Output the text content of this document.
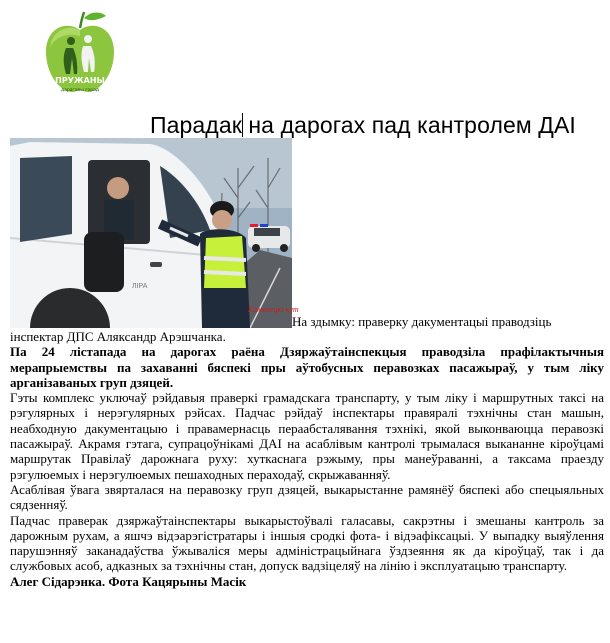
ПРУЖАНЫ
дарагавы горад
Парадак на дарогах пад кантролем ДАІ
ЛІРА
Камянецкі кут
На здымку: праверку дакументацыі праводзіць

інспектар ДПС Аляксандр Арэшчанка.

Па 24 лістапада на дарогах раёна Дзяржаўтаінспекцыя праводзіла прафілактычныя мерапрыемствы па захаванні бяспекі пры аўтобусных перавозках пасажыраў, у тым ліку арганізаваных груп дзяцей.

Гэты комплекс уключаў рэйдавыя праверкі грамадскага транспарту, у тым ліку і маршрутных таксі на рэгулярных і нерэгулярных рэйсах. Падчас рэйдаў інспектары правяралі тэхнічны стан машын, неабходную дакументацыю і правамернасць пераабсталявання тэхнікі, якой выконваюцца перавозкі пасажыраў. Акрамя гэтага, супрацоўнікамі ДАІ на асаблівым кантролі трымалася выкананне кіроўцамі маршрутак Правілаў дарожнага руху: хуткаснага рэжыму, пры манеўраванні, а таксама праезду рэгулюемых і нерэгулюемых пешаходных пераходаў, скрыжаванняў.

Асаблівая ўвага звярталася на перавозку груп дзяцей, выкарыстанне рамянёў бяспекі або спецыяльных сядзенняў.

Падчас праверак дзяржаўтаінспектары выкарыстоўвалі галасавы, сакрэтны і змешаны кантроль за дарожным рухам, а яшчэ відэарэгістратары і іншыя сродкі фота- і відэафіксацыі. У выпадку выяўлення парушэнняў заканадаўства ўжываліся меры адміністрацыйнага ўздзеяння як да кіроўцаў, так і да службовых асоб, адказных за тэхнічны стан, допуск вадзіцеляў на лінію і эксплуатацыю транспарту.

Алег Сідарэнка. Фота Кацярыны Масік
